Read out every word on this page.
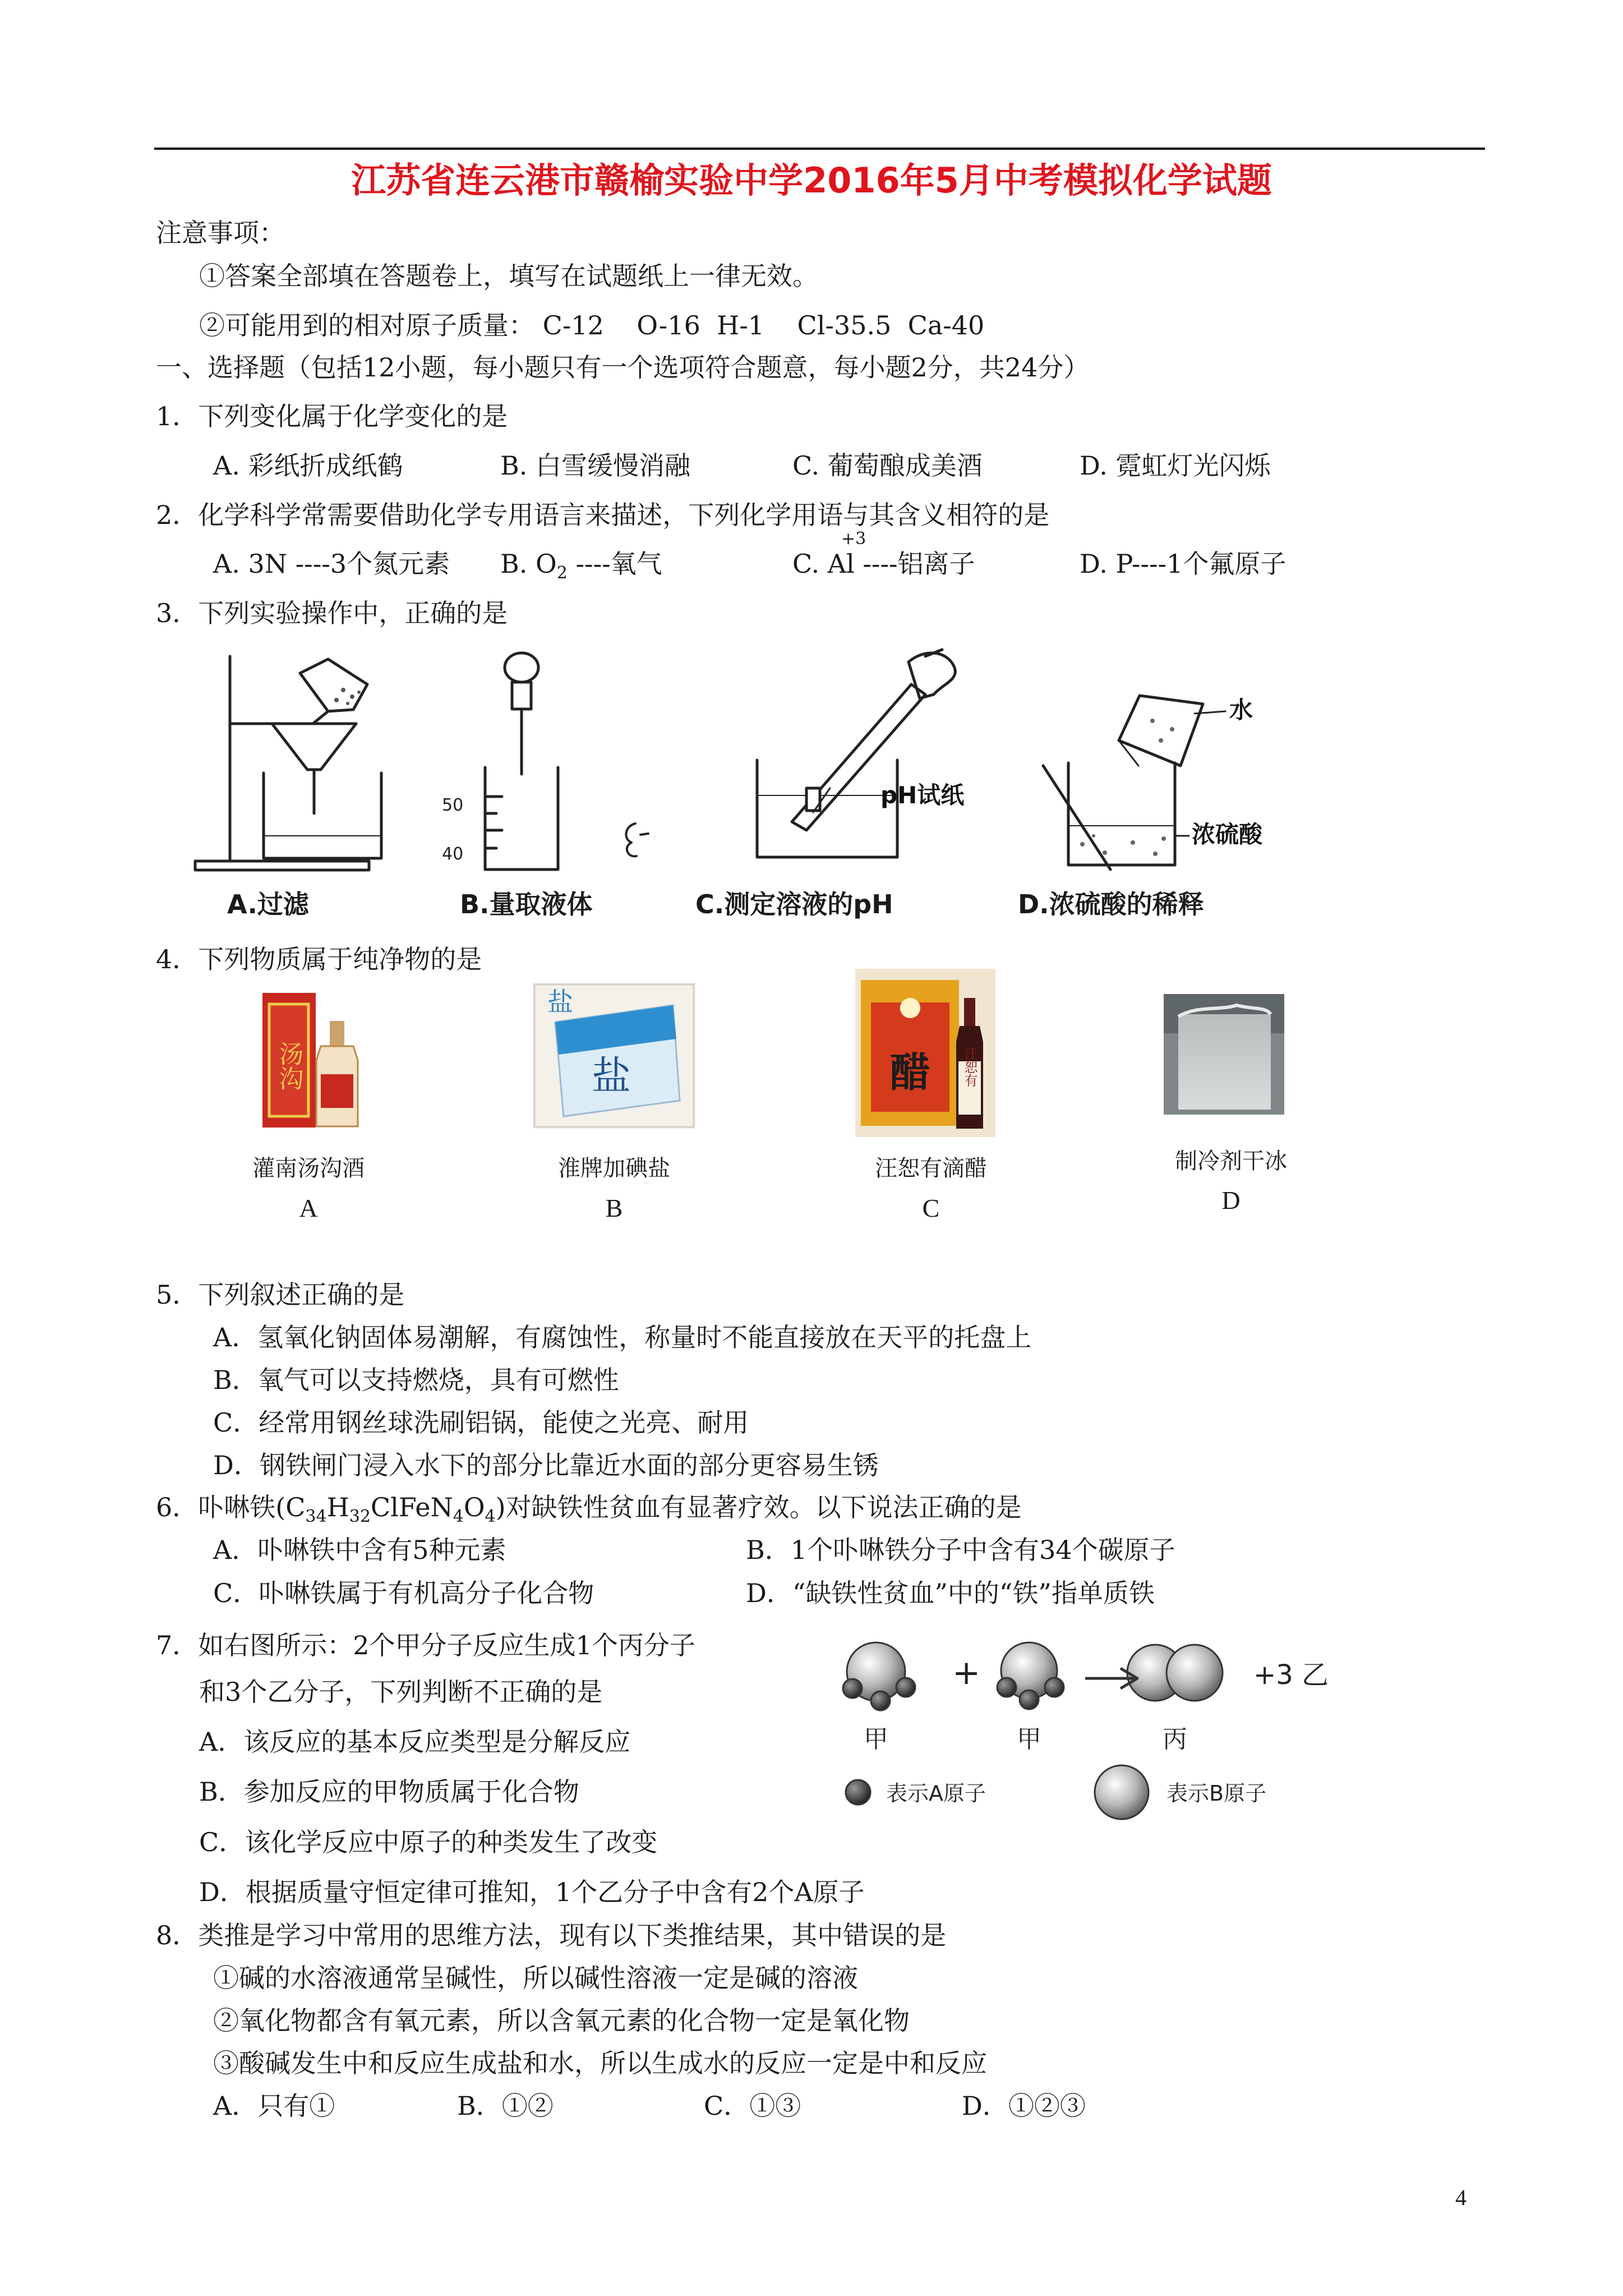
江苏省连云港市赣榆实验中学2016年5月中考模拟化学试题
注意事项：
①答案全部填在答题卷上，填写在试题纸上一律无效。
②可能用到的相对原子质量： C-12    O-16  H-1    Cl-35.5  Ca-40
一、选择题（包括12小题，每小题只有一个选项符合题意，每小题2分，共24分）
1．下列变化属于化学变化的是
A. 彩纸折成纸鹤	B. 白雪缓慢消融	C. 葡萄酿成美酒	D. 霓虹灯光闪烁
2．化学科学常需要借助化学专用语言来描述，下列化学用语与其含义相符的是
A. 3N ----3个氮元素 B. $O_2$ ----氧气
+3
C. Al ----铝离子	D. P----1个氟原子
3．下列实验操作中，正确的是
50
40
pH试纸
水
浓硫酸
A.过滤	B.量取液体	C.测定溶液的pH	D.浓硫酸的稀释
4．下列物质属于纯净物的是
汤沟
盐
盐	醋 汪恕有
灌南汤沟酒	淮牌加碘盐	汪恕有滴醋	制冷剂干冰
A	B	C	D
5．下列叙述正确的是
A．氢氧化钠固体易潮解，有腐蚀性，称量时不能直接放在天平的托盘上
B．氧气可以支持燃烧，具有可燃性
C．经常用钢丝球洗刷铝锅，能使之光亮、耐用
D．钢铁闸门浸入水下的部分比靠近水面的部分更容易生锈
6．卟啉铁$(C_{34}H_{32}ClFeN_4O_4)$对缺铁性贫血有显著疗效。以下说法正确的是
A．卟啉铁中含有5种元素	B．1个卟啉铁分子中含有34个碳原子
C．卟啉铁属于有机高分子化合物	D．“缺铁性贫血”中的“铁”指单质铁
7．如右图所示：2个甲分子反应生成1个丙分子
和3个乙分子，下列判断不正确的是
A．该反应的基本反应类型是分解反应
B．参加反应的甲物质属于化合物
C．该化学反应中原子的种类发生了改变
D．根据质量守恒定律可推知，1个乙分子中含有2个A原子
+	+3 乙
甲	甲	丙
表示A原子	表示B原子
8．类推是学习中常用的思维方法，现有以下类推结果，其中错误的是
①碱的水溶液通常呈碱性，所以碱性溶液一定是碱的溶液
②氧化物都含有氧元素，所以含氧元素的化合物一定是氧化物
③酸碱发生中和反应生成盐和水，所以生成水的反应一定是中和反应
A．只有①	B．①②	C．①③	D．①②③
4
